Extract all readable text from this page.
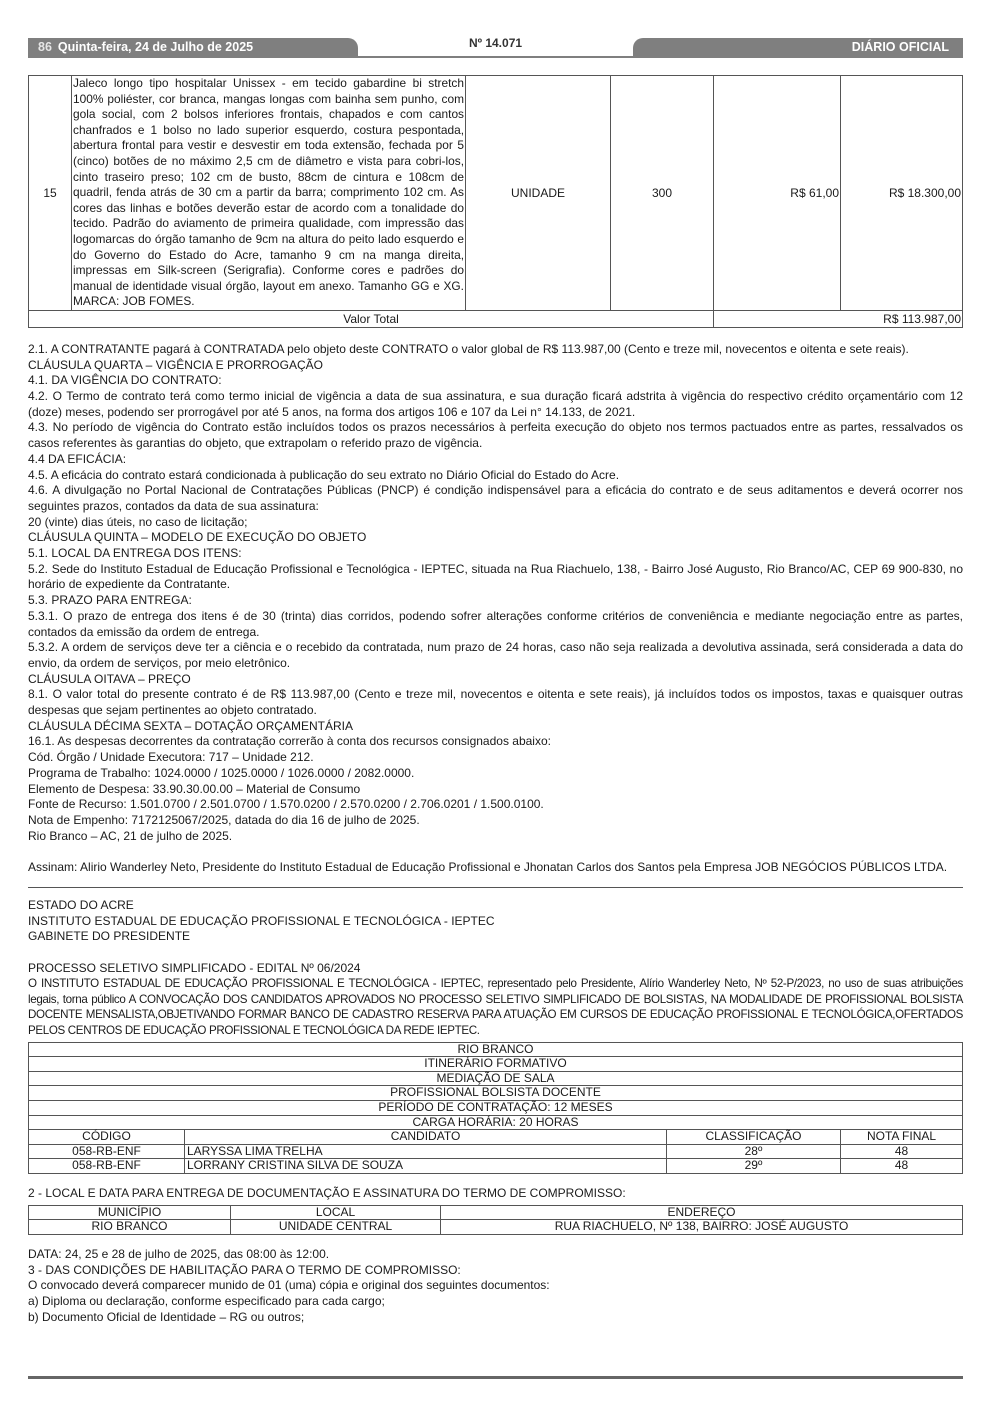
86 Quinta-feira, 24 de Julho de 2025	Nº 14.071	DIÁRIO OFICIAL
15	Jaleco longo tipo hospitalar Unissex - em tecido gabardine bi stretch 100% poliéster, cor branca, mangas longas com bainha sem punho, com gola social, com 2 bolsos inferiores frontais, chapados e com cantos chanfrados e 1 bolso no lado superior esquerdo, costura pespontada, abertura frontal para vestir e desvestir em toda extensão, fechada por 5 (cinco) botões de no máximo 2,5 cm de diâmetro e vista para cobri-los, cinto traseiro preso; 102 cm de busto, 88cm de cintura e 108cm de quadril, fenda atrás de 30 cm a partir da barra; comprimento 102 cm. As cores das linhas e botões deverão estar de acordo com a tonalidade do tecido. Padrão do aviamento de primeira qualidade, com impressão das logomarcas do órgão tamanho de 9cm na altura do peito lado esquerdo e do Governo do Estado do Acre, tamanho 9 cm na manga direita, impressas em Silk-screen (Serigrafia). Conforme cores e padrões do manual de identidade visual órgão, layout em anexo. Tamanho GG e XG. MARCA: JOB FOMES.	UNIDADE	300	R$ 61,00	R$ 18.300,00
Valor Total				R$ 113.987,00	

2.1. A CONTRATANTE pagará à CONTRATADA pelo objeto deste CONTRATO o valor global de R$ 113.987,00 (Cento e treze mil, novecentos e oitenta e sete reais).

CLÁUSULA QUARTA – VIGÊNCIA E PRORROGAÇÃO

4.1. DA VIGÊNCIA DO CONTRATO:

4.2. O Termo de contrato terá como termo inicial de vigência a data de sua assinatura, e sua duração ficará adstrita à vigência do respectivo crédito orçamentário com 12 (doze) meses, podendo ser prorrogável por até 5 anos, na forma dos artigos 106 e 107 da Lei n° 14.133, de 2021.

4.3. No período de vigência do Contrato estão incluídos todos os prazos necessários à perfeita execução do objeto nos termos pactuados entre as partes, ressalvados os casos referentes às garantias do objeto, que extrapolam o referido prazo de vigência.

4.4 DA EFICÁCIA:

4.5. A eficácia do contrato estará condicionada à publicação do seu extrato no Diário Oficial do Estado do Acre.

4.6. A divulgação no Portal Nacional de Contratações Públicas (PNCP) é condição indispensável para a eficácia do contrato e de seus aditamentos e deverá ocorrer nos seguintes prazos, contados da data de sua assinatura:

20 (vinte) dias úteis, no caso de licitação;

CLÁUSULA QUINTA – MODELO DE EXECUÇÃO DO OBJETO

5.1. LOCAL DA ENTREGA DOS ITENS:

5.2. Sede do Instituto Estadual de Educação Profissional e Tecnológica - IEPTEC, situada na Rua Riachuelo, 138, - Bairro José Augusto, Rio Branco/AC, CEP 69 900-830, no horário de expediente da Contratante.

5.3. PRAZO PARA ENTREGA:

5.3.1. O prazo de entrega dos itens é de 30 (trinta) dias corridos, podendo sofrer alterações conforme critérios de conveniência e mediante negociação entre as partes, contados da emissão da ordem de entrega.

5.3.2. A ordem de serviços deve ter a ciência e o recebido da contratada, num prazo de 24 horas, caso não seja realizada a devolutiva assinada, será considerada a data do envio, da ordem de serviços, por meio eletrônico.

CLÁUSULA OITAVA – PREÇO

8.1. O valor total do presente contrato é de R$ 113.987,00 (Cento e treze mil, novecentos e oitenta e sete reais), já incluídos todos os impostos, taxas e quaisquer outras despesas que sejam pertinentes ao objeto contratado.

CLÁUSULA DÉCIMA SEXTA – DOTAÇÃO ORÇAMENTÁRIA

16.1. As despesas decorrentes da contratação correrão à conta dos recursos consignados abaixo:

Cód. Órgão / Unidade Executora: 717 – Unidade 212.

Programa de Trabalho: 1024.0000 / 1025.0000 / 1026.0000 / 2082.0000.

Elemento de Despesa: 33.90.30.00.00 – Material de Consumo

Fonte de Recurso: 1.501.0700 / 2.501.0700 / 1.570.0200 / 2.570.0200 / 2.706.0201 / 1.500.0100.

Nota de Empenho: 7172125067/2025, datada do dia 16 de julho de 2025.

Rio Branco – AC, 21 de julho de 2025.

Assinam: Alirio Wanderley Neto, Presidente do Instituto Estadual de Educação Profissional e Jhonatan Carlos dos Santos pela Empresa JOB NEGÓCIOS PÚBLICOS LTDA.

ESTADO DO ACRE

INSTITUTO ESTADUAL DE EDUCAÇÃO PROFISSIONAL E TECNOLÓGICA - IEPTEC

GABINETE DO PRESIDENTE

PROCESSO SELETIVO SIMPLIFICADO - EDITAL Nº 06/2024

O INSTITUTO ESTADUAL DE EDUCAÇÃO PROFISSIONAL E TECNOLÓGICA - IEPTEC, representado pelo Presidente, Alírio Wanderley Neto, Nº 52-P/2023, no uso de suas atribuições legais, torna público A CONVOCAÇÃO DOS CANDIDATOS APROVADOS NO PROCESSO SELETIVO SIMPLIFICADO DE BOLSISTAS, NA MODALIDADE DE PROFISSIONAL BOLSISTA DOCENTE MENSALISTA,OBJETIVANDO FORMAR BANCO DE CADASTRO RESERVA PARA ATUAÇÃO EM CURSOS DE EDUCAÇÃO PROFISSIONAL E TECNOLÓGICA,OFERTADOS PELOS CENTROS DE EDUCAÇÃO PROFISSIONAL E TECNOLÓGICA DA REDE IEPTEC.

RIO BRANCO			
ITINERÁRIO FORMATIVO			
MEDIAÇÃO DE SALA			
PROFISSIONAL BOLSISTA DOCENTE			
PERÍODO DE CONTRATAÇÃO: 12 MESES			
CARGA HORÁRIA: 20 HORAS			
CÓDIGO	CANDIDATO	CLASSIFICAÇÃO	NOTA FINAL
058-RB-ENF	LARYSSA LIMA TRELHA	28º	48
058-RB-ENF	LORRANY CRISTINA SILVA DE SOUZA	29º	48

2 - LOCAL E DATA PARA ENTREGA DE DOCUMENTAÇÃO E ASSINATURA DO TERMO DE COMPROMISSO:

MUNICÍPIO	LOCAL	ENDEREÇO
RIO BRANCO	UNIDADE CENTRAL	RUA RIACHUELO, Nº 138, BAIRRO: JOSÉ AUGUSTO

DATA: 24, 25 e 28 de julho de 2025, das 08:00 às 12:00.

3 - DAS CONDIÇÕES DE HABILITAÇÃO PARA O TERMO DE COMPROMISSO:

O convocado deverá comparecer munido de 01 (uma) cópia e original dos seguintes documentos:

a) Diploma ou declaração, conforme especificado para cada cargo;

b) Documento Oficial de Identidade – RG ou outros;
